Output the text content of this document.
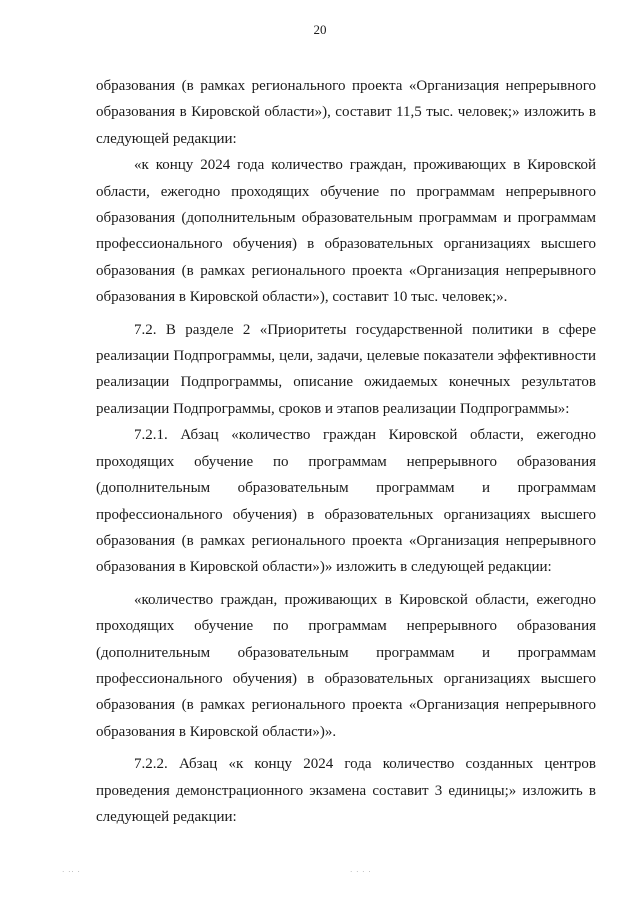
20

образования (в рамках регионального проекта «Организация непрерывного образования в Кировской области»), составит 11,5 тыс. человек;» изложить в следующей редакции:

«к концу 2024 года количество граждан, проживающих в Кировской области, ежегодно проходящих обучение по программам непрерывного образования (дополнительным образовательным программам и программам профессионального обучения) в образовательных организациях высшего образования (в рамках регионального проекта «Организация непрерывного образования в Кировской области»), составит 10 тыс. человек;».

7.2. В разделе 2 «Приоритеты государственной политики в сфере реализации Подпрограммы, цели, задачи, целевые показатели эффективности реализации Подпрограммы, описание ожидаемых конечных результатов реализации Подпрограммы, сроков и этапов реализации Подпрограммы»:

7.2.1. Абзац «количество граждан Кировской области, ежегодно проходящих обучение по программам непрерывного образования (дополнительным образовательным программам и программам профессионального обучения) в образовательных организациях высшего образования (в рамках регионального проекта «Организация непрерывного образования в Кировской области»)» изложить в следующей редакции:

«количество граждан, проживающих в Кировской области, ежегодно проходящих обучение по программам непрерывного образования (дополнительным образовательным программам и программам профессионального обучения) в образовательных организациях высшего образования (в рамках регионального проекта «Организация непрерывного образования в Кировской области»)».

7.2.2. Абзац «к концу 2024 года количество созданных центров проведения демонстрационного экзамена составит 3 единицы;» изложить в следующей редакции:

· ·· ·	· · · ·
